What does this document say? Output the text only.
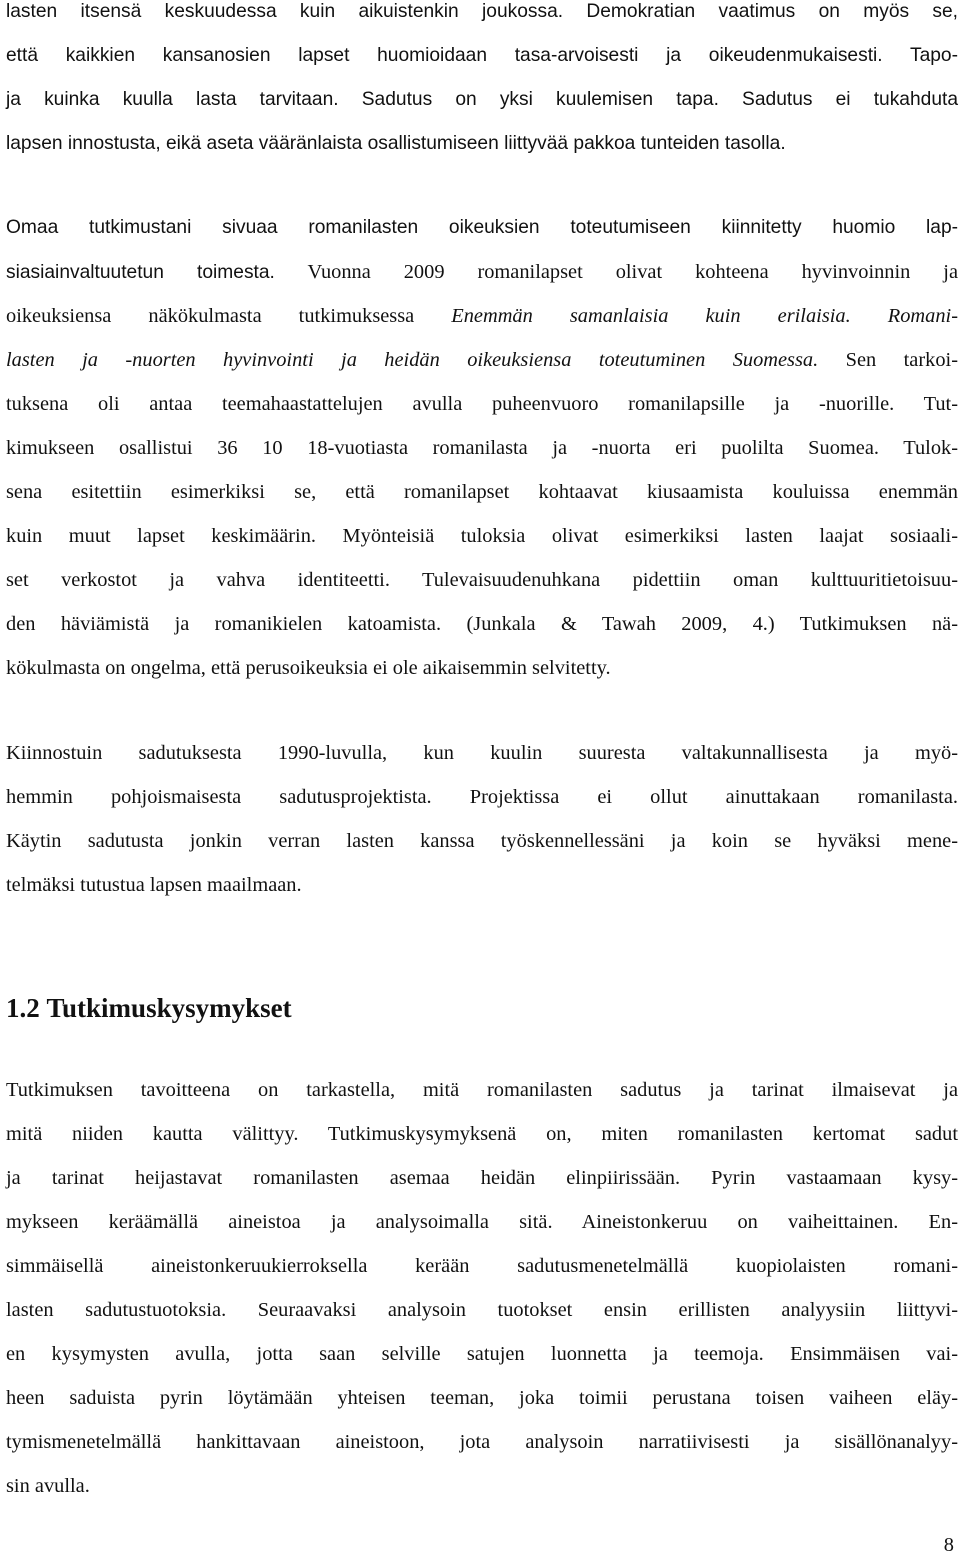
lasten itsensä keskuudessa kuin aikuistenkin joukossa. Demokratian vaatimus on myös se,
että kaikkien kansanosien lapset huomioidaan tasa-arvoisesti ja oikeudenmukaisesti. Tapo-
ja kuinka kuulla lasta tarvitaan. Sadutus on yksi kuulemisen tapa. Sadutus ei tukahduta
lapsen innostusta, eikä aseta vääränlaista osallistumiseen liittyvää pakkoa tunteiden tasolla.
Omaa tutkimustani sivuaa romanilasten oikeuksien toteutumiseen kiinnitetty huomio lap-
siasiainvaltuutetun toimesta. Vuonna 2009 romanilapset olivat kohteena hyvinvoinnin ja
oikeuksiensa näkökulmasta tutkimuksessa Enemmän samanlaisia kuin erilaisia. Romani-
lasten ja -nuorten hyvinvointi ja heidän oikeuksiensa toteutuminen Suomessa. Sen tarkoi-
tuksena oli antaa teemahaastattelujen avulla puheenvuoro romanilapsille ja -nuorille. Tut-
kimukseen osallistui 36 10 18-vuotiasta romanilasta ja -nuorta eri puolilta Suomea. Tulok-
sena esitettiin esimerkiksi se, että romanilapset kohtaavat kiusaamista kouluissa enemmän
kuin muut lapset keskimäärin. Myönteisiä tuloksia olivat esimerkiksi lasten laajat sosiaali-
set verkostot ja vahva identiteetti. Tulevaisuudenuhkana pidettiin oman kulttuuritietoisuu-
den häviämistä ja romanikielen katoamista. (Junkala & Tawah 2009, 4.) Tutkimuksen nä-
kökulmasta on ongelma, että perusoikeuksia ei ole aikaisemmin selvitetty.
Kiinnostuin sadutuksesta 1990-luvulla, kun kuulin suuresta valtakunnallisesta ja myö-
hemmin pohjoismaisesta sadutusprojektista. Projektissa ei ollut ainuttakaan romanilasta.
Käytin sadutusta jonkin verran lasten kanssa työskennellessäni ja koin se hyväksi mene-
telmäksi tutustua lapsen maailmaan.
1.2 Tutkimuskysymykset
Tutkimuksen tavoitteena on tarkastella, mitä romanilasten sadutus ja tarinat ilmaisevat ja
mitä niiden kautta välittyy. Tutkimuskysymyksenä on, miten romanilasten kertomat sadut
ja tarinat heijastavat romanilasten asemaa heidän elinpiirissään. Pyrin vastaamaan kysy-
mykseen keräämällä aineistoa ja analysoimalla sitä. Aineistonkeruu on vaiheittainen. En-
simmäisellä aineistonkeruukierroksella kerään sadutusmenetelmällä kuopiolaisten romani-
lasten sadutustuotoksia. Seuraavaksi analysoin tuotokset ensin erillisten analyysiin liittyvi-
en kysymysten avulla, jotta saan selville satujen luonnetta ja teemoja. Ensimmäisen vai-
heen saduista pyrin löytämään yhteisen teeman, joka toimii perustana toisen vaiheen eläy-
tymismenetelmällä hankittavaan aineistoon, jota analysoin narratiivisesti ja sisällönanalyy-
sin avulla.
8
